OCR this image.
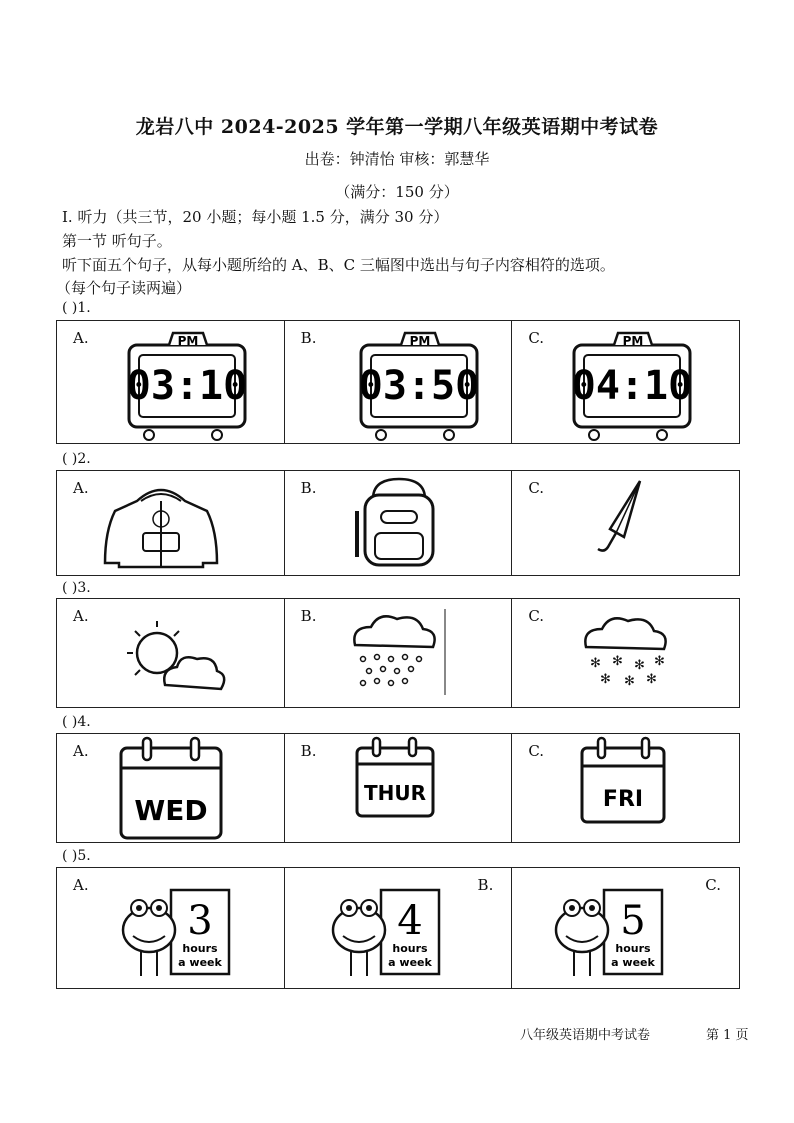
龙岩八中 2024-2025 学年第一学期八年级英语期中考试卷
出卷：钟清怡 审核：郭慧华
（满分：150 分）
I. 听力（共三节，20 小题；每小题 1.5 分，满分 30 分）
第一节 听句子。
听下面五个句子，从每小题所给的 A、B、C 三幅图中选出与句子内容相符的选项。
（每个句子读两遍）
( )1.
A.	PM
03:10
B.	PM
03:50
C.	PM
04:10
( )2.
A.	B.	C.
( )3.
A.	B.	C.
✻ ✻ ✻ ✻
✻ ✻ ✻
( )4.
A.
WED
B.
THUR
C.
FRI
( )5.
A.
3
hours
a week
B.
4
hours
a week
C.
5
hours
a week
八年级英语期中考试卷	第 1 页
